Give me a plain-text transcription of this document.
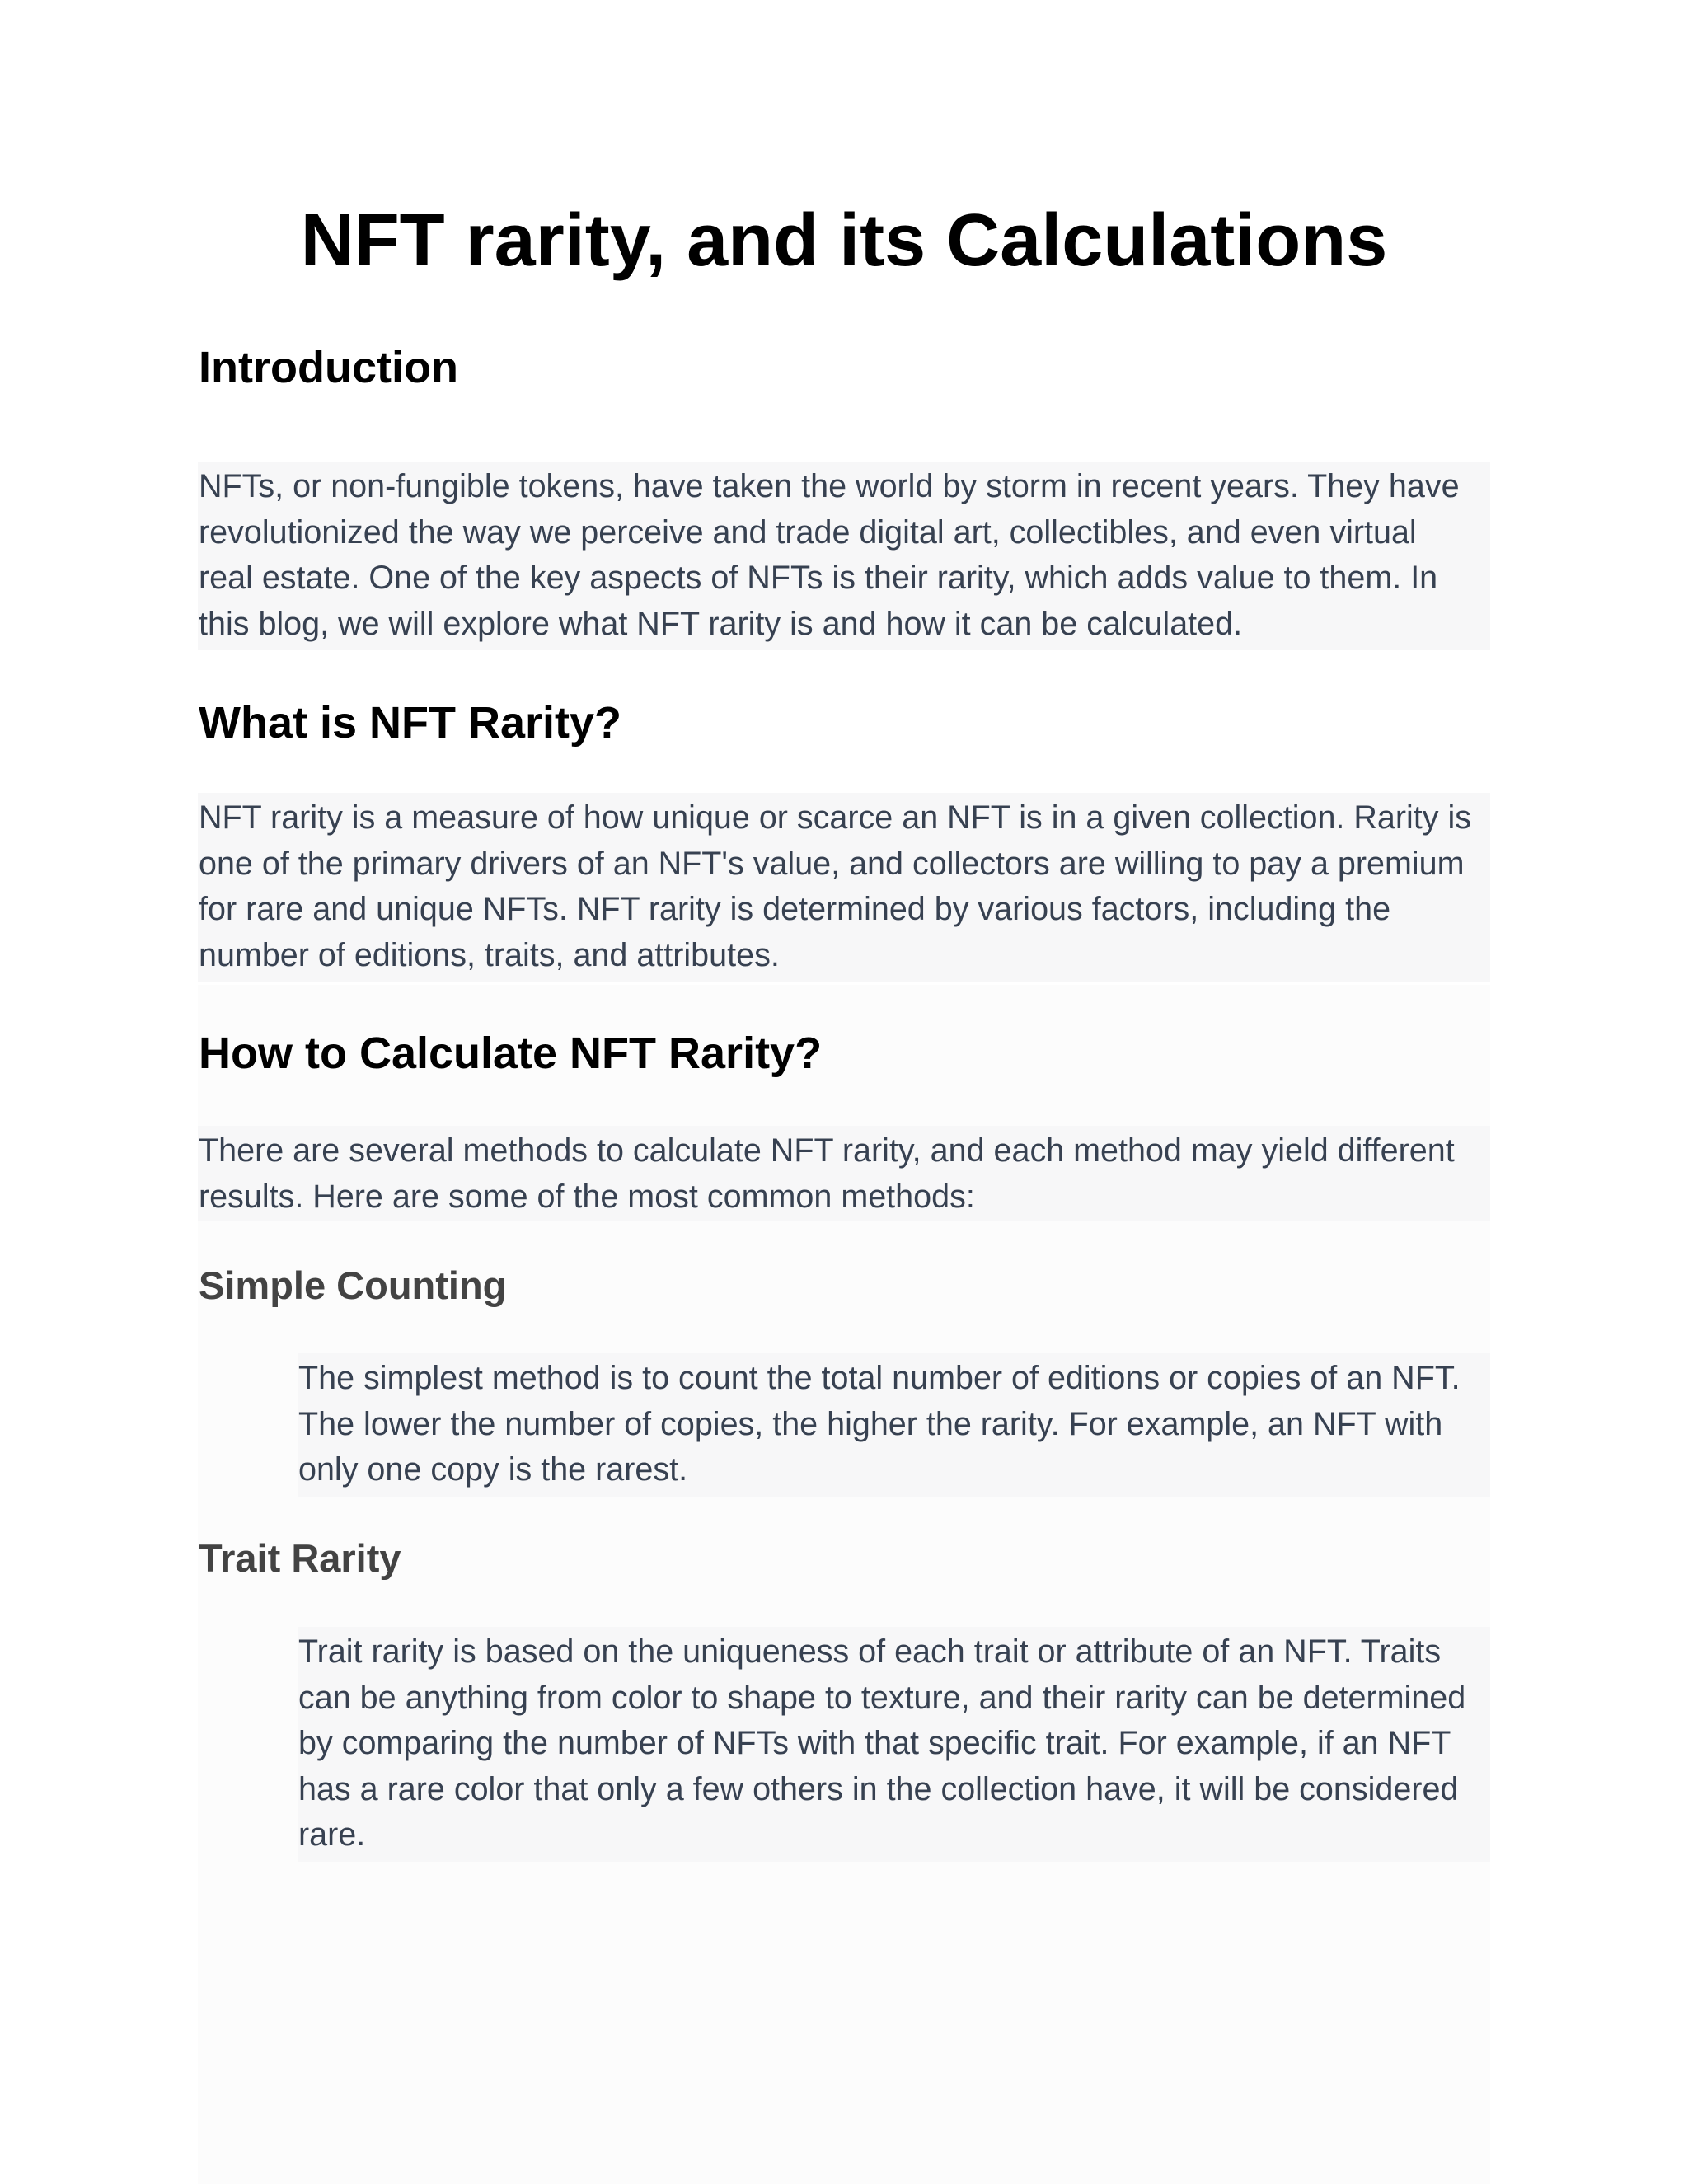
NFT rarity, and its Calculations
Introduction

NFTs, or non-fungible tokens, have taken the world by storm in recent years. They have
revolutionized the way we perceive and trade digital art, collectibles, and even virtual
real estate. One of the key aspects of NFTs is their rarity, which adds value to them. In
this blog, we will explore what NFT rarity is and how it can be calculated.

What is NFT Rarity?

NFT rarity is a measure of how unique or scarce an NFT is in a given collection. Rarity is
one of the primary drivers of an NFT's value, and collectors are willing to pay a premium
for rare and unique NFTs. NFT rarity is determined by various factors, including the
number of editions, traits, and attributes.

How to Calculate NFT Rarity?

There are several methods to calculate NFT rarity, and each method may yield different
results. Here are some of the most common methods:

Simple Counting

The simplest method is to count the total number of editions or copies of an NFT.
The lower the number of copies, the higher the rarity. For example, an NFT with
only one copy is the rarest.

Trait Rarity

Trait rarity is based on the uniqueness of each trait or attribute of an NFT. Traits
can be anything from color to shape to texture, and their rarity can be determined
by comparing the number of NFTs with that specific trait. For example, if an NFT
has a rare color that only a few others in the collection have, it will be considered
rare.
